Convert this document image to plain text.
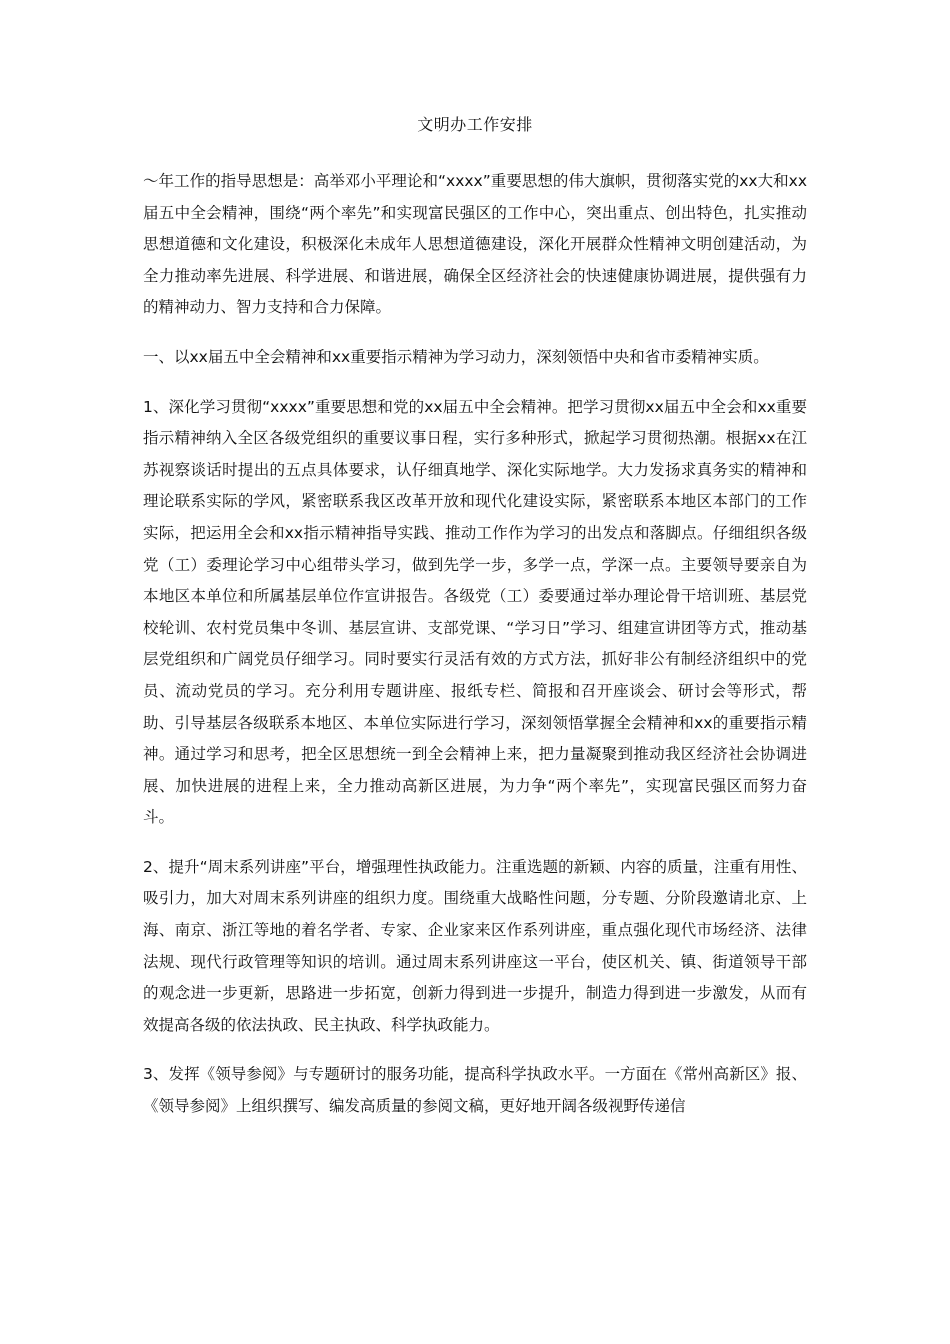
文明办工作安排

～年工作的指导思想是：高举邓小平理论和“xxxx”重要思想的伟大旗帜，贯彻落实党的xx大和xx届五中全会精神，围绕“两个率先”和实现富民强区的工作中心，突出重点、创出特色，扎实推动思想道德和文化建设，积极深化未成年人思想道德建设，深化开展群众性精神文明创建活动，为全力推动率先进展、科学进展、和谐进展，确保全区经济社会的快速健康协调进展，提供强有力的精神动力、智力支持和合力保障。

一、以xx届五中全会精神和xx重要指示精神为学习动力，深刻领悟中央和省市委精神实质。

1、深化学习贯彻“xxxx”重要思想和党的xx届五中全会精神。把学习贯彻xx届五中全会和xx重要指示精神纳入全区各级党组织的重要议事日程，实行多种形式，掀起学习贯彻热潮。根据xx在江苏视察谈话时提出的五点具体要求，认仔细真地学、深化实际地学。大力发扬求真务实的精神和理论联系实际的学风，紧密联系我区改革开放和现代化建设实际，紧密联系本地区本部门的工作实际，把运用全会和xx指示精神指导实践、推动工作作为学习的出发点和落脚点。仔细组织各级党（工）委理论学习中心组带头学习，做到先学一步，多学一点，学深一点。主要领导要亲自为本地区本单位和所属基层单位作宣讲报告。各级党（工）委要通过举办理论骨干培训班、基层党校轮训、农村党员集中冬训、基层宣讲、支部党课、“学习日”学习、组建宣讲团等方式，推动基层党组织和广阔党员仔细学习。同时要实行灵活有效的方式方法，抓好非公有制经济组织中的党员、流动党员的学习。充分利用专题讲座、报纸专栏、简报和召开座谈会、研讨会等形式，帮助、引导基层各级联系本地区、本单位实际进行学习，深刻领悟掌握全会精神和xx的重要指示精神。通过学习和思考，把全区思想统一到全会精神上来，把力量凝聚到推动我区经济社会协调进展、加快进展的进程上来，全力推动高新区进展，为力争“两个率先”，实现富民强区而努力奋斗。

2、提升“周末系列讲座”平台，增强理性执政能力。注重选题的新颖、内容的质量，注重有用性、吸引力，加大对周末系列讲座的组织力度。围绕重大战略性问题，分专题、分阶段邀请北京、上海、南京、浙江等地的着名学者、专家、企业家来区作系列讲座，重点强化现代市场经济、法律法规、现代行政管理等知识的培训。通过周末系列讲座这一平台，使区机关、镇、街道领导干部的观念进一步更新，思路进一步拓宽，创新力得到进一步提升，制造力得到进一步激发，从而有效提高各级的依法执政、民主执政、科学执政能力。

3、发挥《领导参阅》与专题研讨的服务功能，提高科学执政水平。一方面在《常州高新区》报、《领导参阅》上组织撰写、编发高质量的参阅文稿，更好地开阔各级视野传递信
